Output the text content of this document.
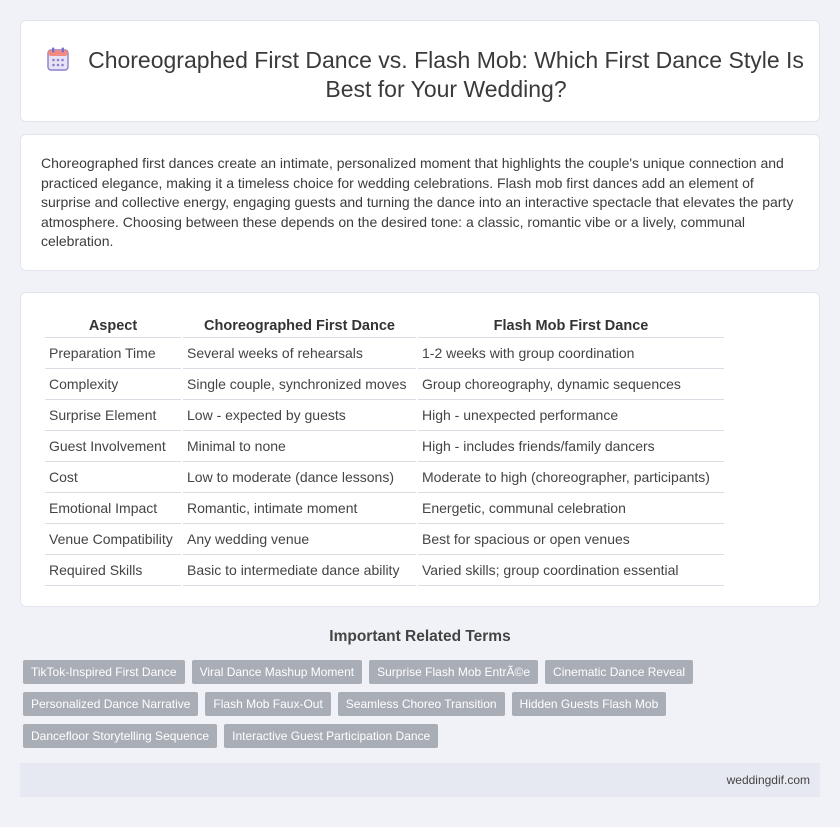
Choreographed First Dance vs. Flash Mob: Which First Dance Style Is Best for Your Wedding?

Choreographed first dances create an intimate, personalized moment that highlights the couple's unique connection and practiced elegance, making it a timeless choice for wedding celebrations. Flash mob first dances add an element of surprise and collective energy, engaging guests and turning the dance into an interactive spectacle that elevates the party atmosphere. Choosing between these depends on the desired tone: a classic, romantic vibe or a lively, communal celebration.

Aspect	Choreographed First Dance	Flash Mob First Dance
Preparation Time	Several weeks of rehearsals	1-2 weeks with group coordination
Complexity	Single couple, synchronized moves	Group choreography, dynamic sequences
Surprise Element	Low - expected by guests	High - unexpected performance
Guest Involvement	Minimal to none	High - includes friends/family dancers
Cost	Low to moderate (dance lessons)	Moderate to high (choreographer, participants)
Emotional Impact	Romantic, intimate moment	Energetic, communal celebration
Venue Compatibility	Any wedding venue	Best for spacious or open venues
Required Skills	Basic to intermediate dance ability	Varied skills; group coordination essential
Important Related Terms
TikTok-Inspired First Dance	Viral Dance Mashup Moment	Surprise Flash Mob EntrÃ©e	Cinematic Dance Reveal
Personalized Dance Narrative	Flash Mob Faux-Out	Seamless Choreo Transition	Hidden Guests Flash Mob
Dancefloor Storytelling Sequence	Interactive Guest Participation Dance
weddingdif.com
